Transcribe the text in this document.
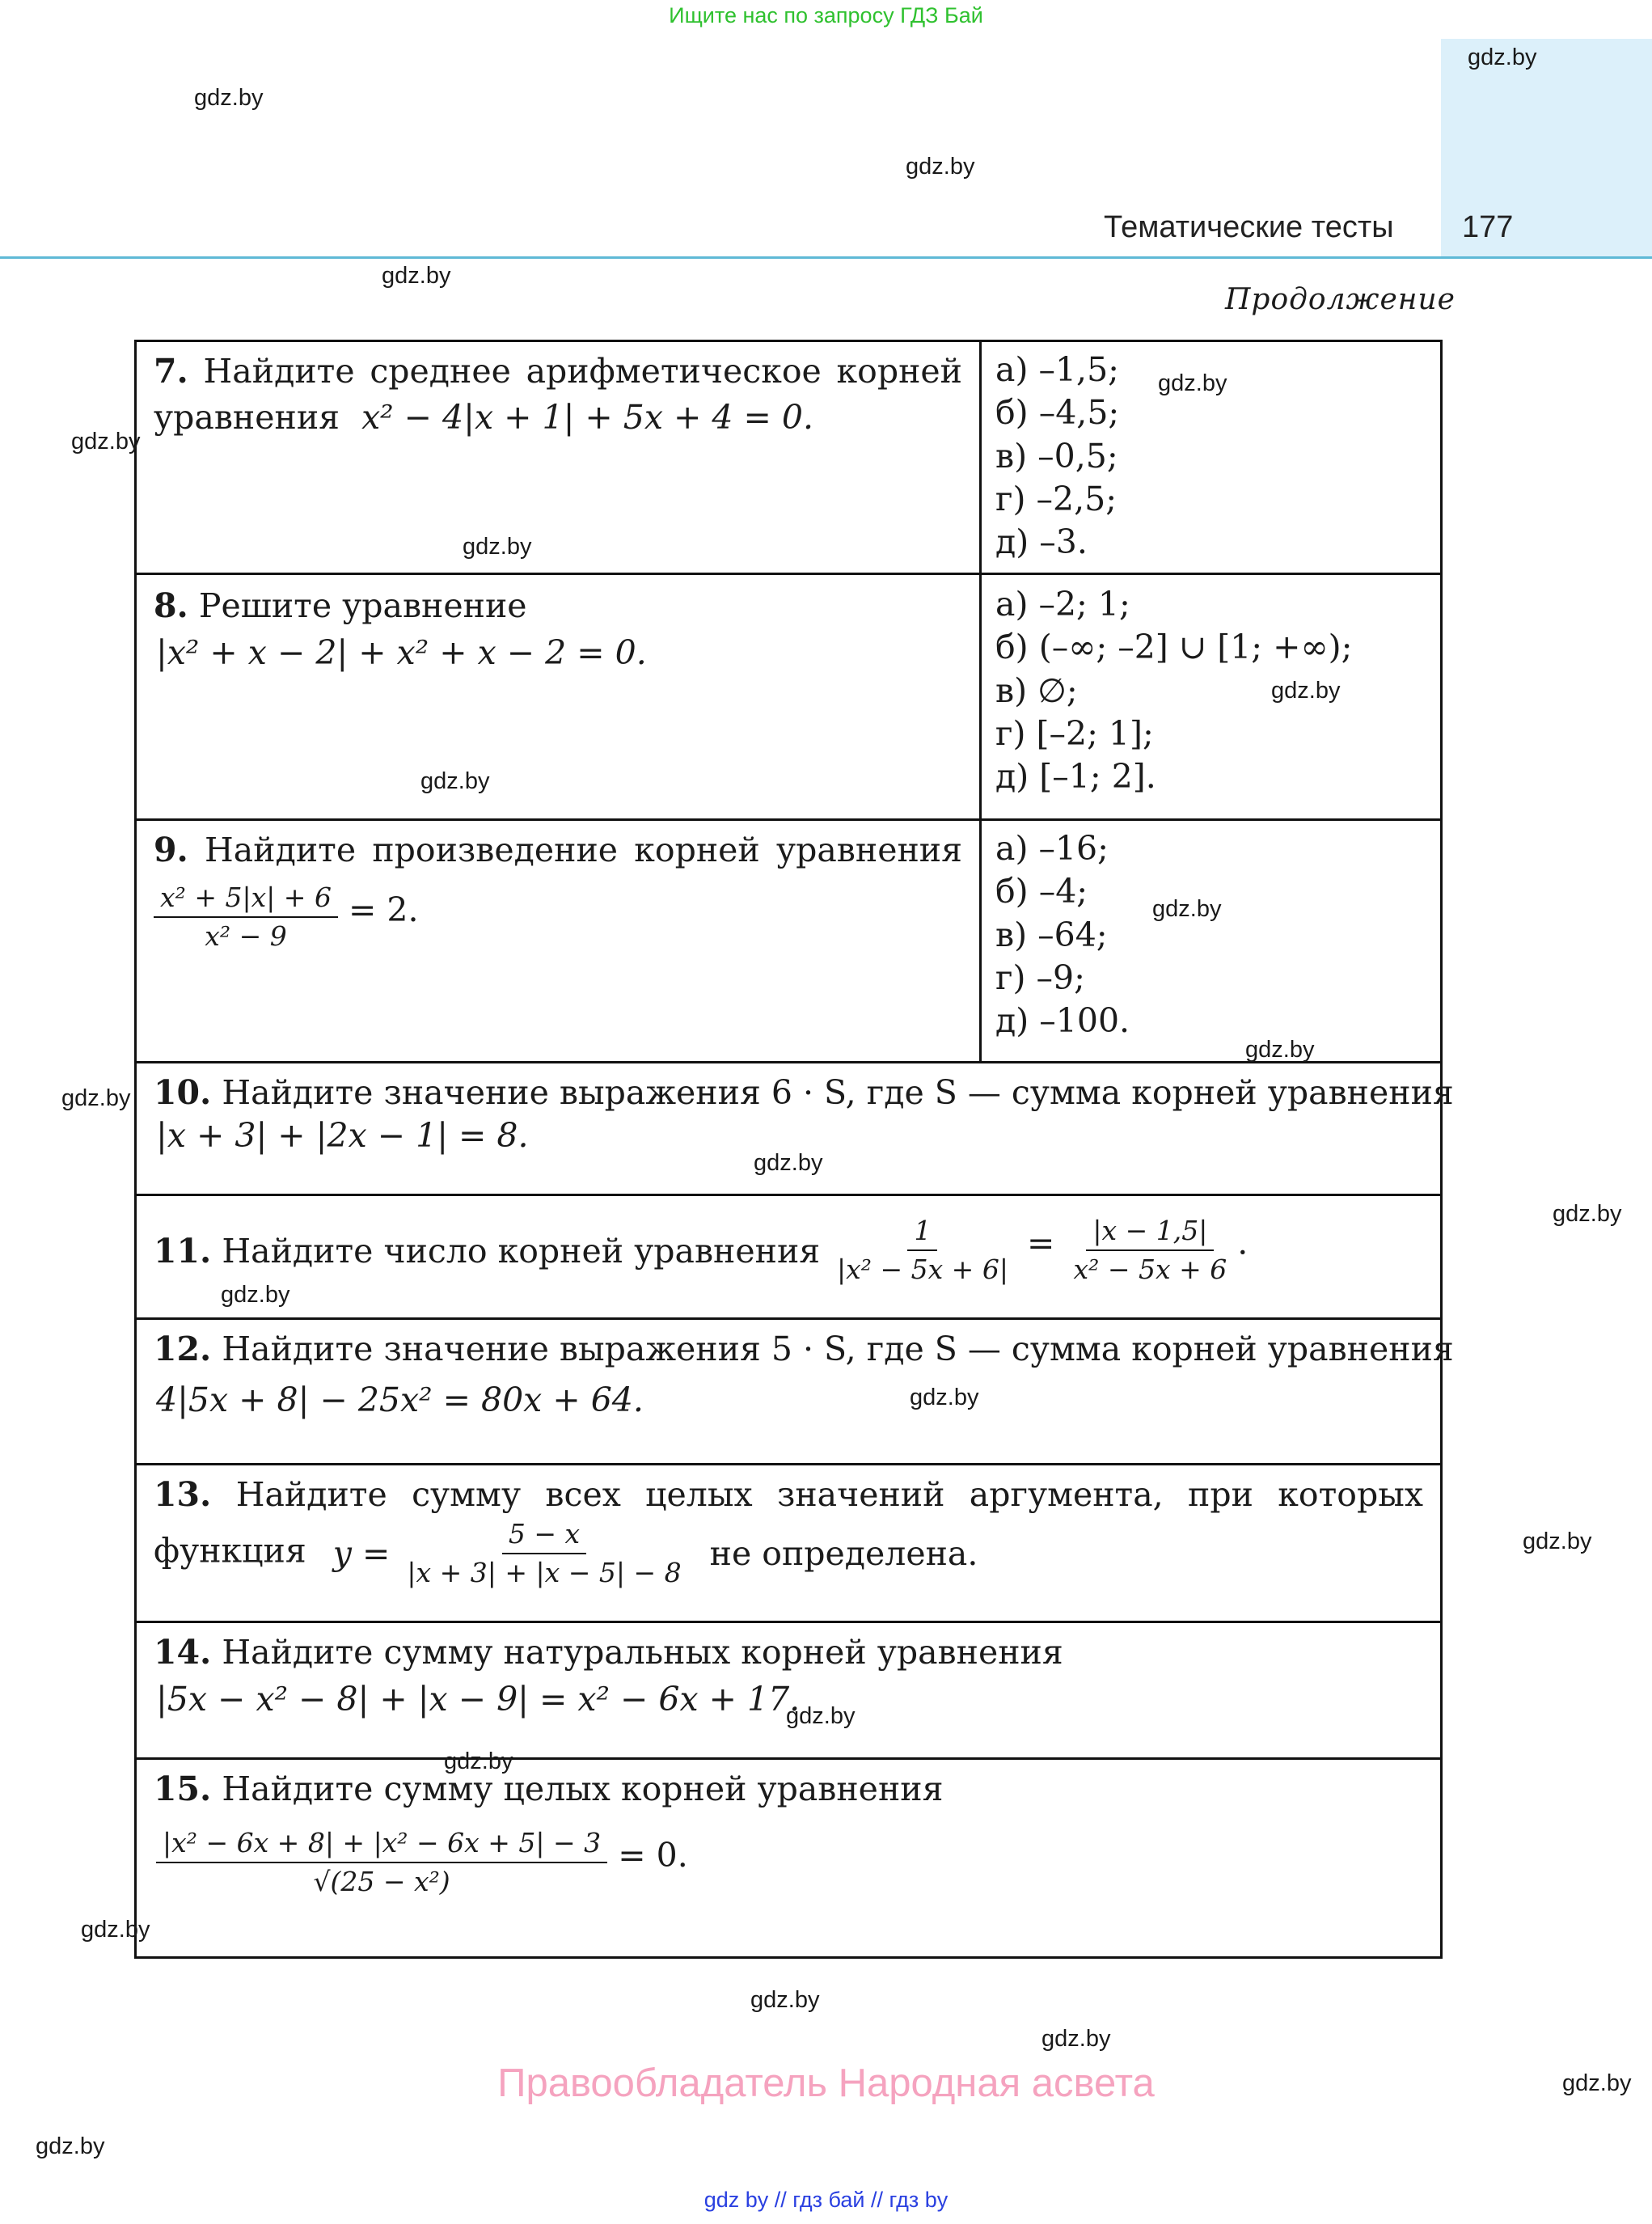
Ищите нас по запросу ГДЗ Бай
Тематические тесты 177
Продолжение
7. Найдите среднее арифметическое корней
уравнения x² − 4|x + 1| + 5x + 4 = 0.
а) –1,5;
б) –4,5;
в) –0,5;
г) –2,5;
д) –3.
8. Решите уравнение
|x² + x − 2| + x² + x − 2 = 0.
а) –2; 1;
б) (–∞; –2] ∪ [1; +∞);
в) ∅;
г) [–2; 1];
д) [–1; 2].
9. Найдите произведение корней уравнения
$\frac{\text{x² + 5|x| + 6}}{\text{x² − 9}} = 2$.
а) –16;
б) –4;
в) –64;
г) –9;
д) –100.
10. Найдите значение выражения 6 · S, где S — сумма корней уравнения
|x + 3| + |2x − 1| = 8.
11. Найдите число корней уравнения $\frac{1}{\text{|x² − 5x + 6|}} = \frac{|x - 1,5|}{\text{x² − 5x + 6}}$ .
12. Найдите значение выражения 5 · S, где S — сумма корней уравнения
4|5x + 8| − 25x² = 80x + 64.
13. Найдите сумму всех целых значений аргумента, при которых
функция $y = \frac{5 - x}{|x + 3| + |x - 5| - 8}$ не определена.
14. Найдите сумму натуральных корней уравнения
|5x − x² − 8| + |x − 9| = x² − 6x + 17.
15. Найдите сумму целых корней уравнения
$\frac{\text{|x² − 6x + 8| + |x² − 6x + 5| − 3}}{\text{√(25 − x²)}} = 0$.
gdz.by
gdz.by
gdz.by
gdz.by
gdz.by
gdz.by
gdz.by
gdz.by
gdz.by
gdz.by
gdz.by
gdz.by
gdz.by
gdz.by
gdz.by
gdz.by
gdz.by
gdz.by
gdz.by
gdz.by
gdz.by
gdz.by
gdz.by
gdz.by
Правообладатель Народная асвета
gdz by // гдз бай // гдз by
